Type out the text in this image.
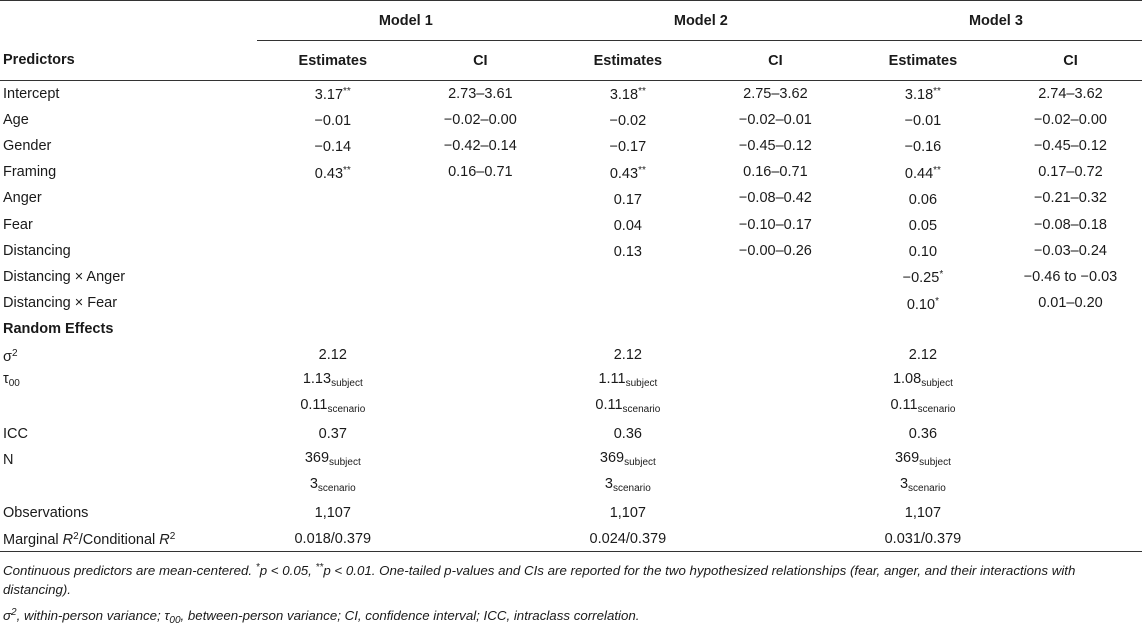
	Model 1		Model 2		Model 3	
Predictors	Estimates	CI	Estimates	CI	Estimates	CI
Intercept	3.17**	2.73–3.61	3.18**	2.75–3.62	3.18**	2.74–3.62
Age	−0.01	−0.02–0.00	−0.02	−0.02–0.01	−0.01	−0.02–0.00
Gender	−0.14	−0.42–0.14	−0.17	−0.45–0.12	−0.16	−0.45–0.12
Framing	0.43**	0.16–0.71	0.43**	0.16–0.71	0.44**	0.17–0.72
Anger			0.17	−0.08–0.42	0.06	−0.21–0.32
Fear			0.04	−0.10–0.17	0.05	−0.08–0.18
Distancing			0.13	−0.00–0.26	0.10	−0.03–0.24
Distancing × Anger					−0.25*	−0.46 to −0.03
Distancing × Fear					0.10*	0.01–0.20
Random Effects						
$\sigma^2$	2.12		2.12		2.12	
$\tau_{00}$	$1.13_{subject}$		$1.11_{subject}$		$1.08_{subject}$	
	$0.11_{scenario}$		$0.11_{scenario}$		$0.11_{scenario}$	
ICC	0.37		0.36		0.36	
N	$369_{subject}$		$369_{subject}$		$369_{subject}$	
	$3_{scenario}$		$3_{scenario}$		$3_{scenario}$	
Observations	1,107		1,107		1,107	
Marginal $R^2$/Conditional $R^2$	0.018/0.379		0.024/0.379		0.031/0.379	

Continuous predictors are mean-centered. *p < 0.05, **p < 0.01. One-tailed p-values and CIs are reported for the two hypothesized relationships (fear, anger, and their interactions with distancing).

$\sigma^2$, within-person variance; $\tau_{00}$, between-person variance; CI, confidence interval; ICC, intraclass correlation.
